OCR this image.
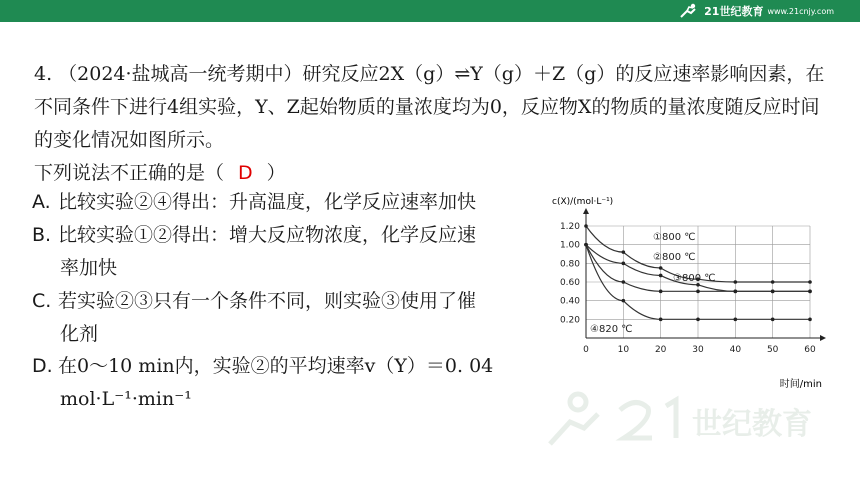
21世纪教育 www.21cnjy.com
4. （2024·盐城高一统考期中）研究反应2X（g）⇌Y（g）＋Z（g）的反应速率影响因素，在不同条件下进行4组实验，Y、Z起始物质的量浓度均为0，反应物X的物质的量浓度随反应时间的变化情况如图所示。
下列说法不正确的是（ D ）
A. 比较实验②④得出：升高温度，化学反应速率加快
B. 比较实验①②得出：增大反应物浓度，化学反应速
率加快
C. 若实验②③只有一个条件不同，则实验③使用了催
化剂
D. 在0～10 min内，实验②的平均速率v（Y）＝0. 04
mol·L⁻¹·min⁻¹
c(X)/(mol·L⁻¹)
时间/min
0.20
0.40
0.60
0.80
1.00
1.20
0	10	20	30	40	50	60
①800 ℃
②800 ℃
③800 ℃
④820 ℃
世纪教育
